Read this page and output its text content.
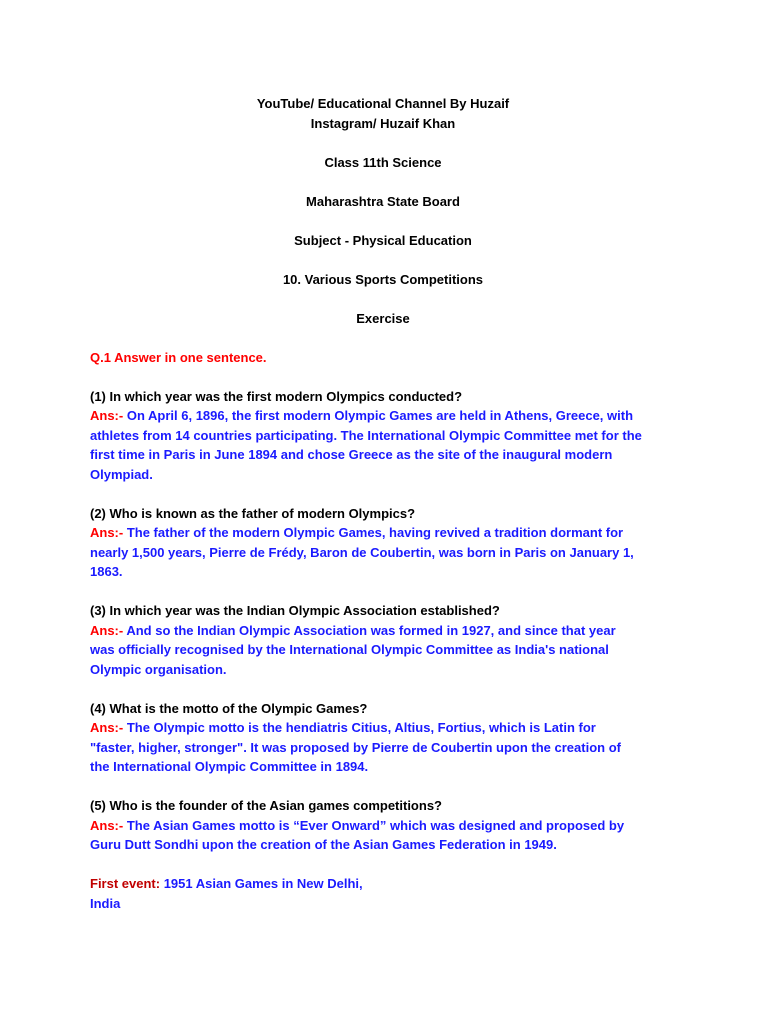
YouTube/ Educational Channel By Huzaif
Instagram/ Huzaif Khan
Class 11th Science
Maharashtra State Board
Subject - Physical Education
10. Various Sports Competitions
Exercise
Q.1 Answer in one sentence.
(1) In which year was the first modern Olympics conducted?
Ans:- On April 6, 1896, the first modern Olympic Games are held in Athens, Greece, with
athletes from 14 countries participating. The International Olympic Committee met for the
first time in Paris in June 1894 and chose Greece as the site of the inaugural modern
Olympiad.
(2) Who is known as the father of modern Olympics?
Ans:- The father of the modern Olympic Games, having revived a tradition dormant for
nearly 1,500 years, Pierre de Frédy, Baron de Coubertin, was born in Paris on January 1,
1863.
(3) In which year was the Indian Olympic Association established?
Ans:- And so the Indian Olympic Association was formed in 1927, and since that year
was officially recognised by the International Olympic Committee as India's national
Olympic organisation.
(4) What is the motto of the Olympic Games?
Ans:- The Olympic motto is the hendiatris Citius, Altius, Fortius, which is Latin for
"faster, higher, stronger". It was proposed by Pierre de Coubertin upon the creation of
the International Olympic Committee in 1894.
(5) Who is the founder of the Asian games competitions?
Ans:- The Asian Games motto is “Ever Onward” which was designed and proposed by
Guru Dutt Sondhi upon the creation of the Asian Games Federation in 1949.
First event: 1951 Asian Games in New Delhi,
India
